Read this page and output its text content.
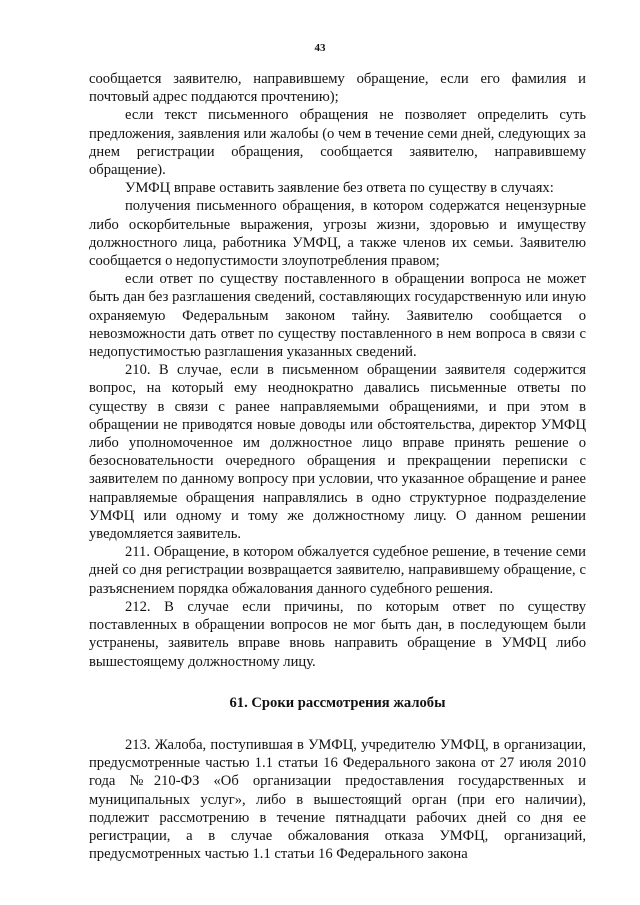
43

сообщается заявителю, направившему обращение, если его фамилия и почтовый адрес поддаются прочтению);

если текст письменного обращения не позволяет определить суть предложения, заявления или жалобы (о чем в течение семи дней, следующих за днем регистрации обращения, сообщается заявителю, направившему обращение).

УМФЦ вправе оставить заявление без ответа по существу в случаях:

получения письменного обращения, в котором содержатся нецензурные либо оскорбительные выражения, угрозы жизни, здоровью и имуществу должностного лица, работника УМФЦ, а также членов их семьи. Заявителю сообщается о недопустимости злоупотребления правом;

если ответ по существу поставленного в обращении вопроса не может быть дан без разглашения сведений, составляющих государственную или иную охраняемую Федеральным законом тайну. Заявителю сообщается о невозможности дать ответ по существу поставленного в нем вопроса в связи с недопустимостью разглашения указанных сведений.

210. В случае, если в письменном обращении заявителя содержится вопрос, на который ему неоднократно давались письменные ответы по существу в связи с ранее направляемыми обращениями, и при этом в обращении не приводятся новые доводы или обстоятельства, директор УМФЦ либо уполномоченное им должностное лицо вправе принять решение о безосновательности очередного обращения и прекращении переписки с заявителем по данному вопросу при условии, что указанное обращение и ранее направляемые обращения направлялись в одно структурное подразделение УМФЦ или одному и тому же должностному лицу. О данном решении уведомляется заявитель.

211. Обращение, в котором обжалуется судебное решение, в течение семи дней со дня регистрации возвращается заявителю, направившему обращение, с разъяснением порядка обжалования данного судебного решения.

212. В случае если причины, по которым ответ по существу поставленных в обращении вопросов не мог быть дан, в последующем были устранены, заявитель вправе вновь направить обращение в УМФЦ либо вышестоящему должностному лицу.

61. Сроки рассмотрения жалобы

213. Жалоба, поступившая в УМФЦ, учредителю УМФЦ, в организации, предусмотренные частью 1.1 статьи 16 Федерального закона от 27 июля 2010 года №210-ФЗ «Об организации предоставления государственных и муниципальных услуг», либо в вышестоящий орган (при его наличии), подлежит рассмотрению в течение пятнадцати рабочих дней со дня ее регистрации, а в случае обжалования отказа УМФЦ, организаций, предусмотренных частью 1.1 статьи 16 Федерального закона
